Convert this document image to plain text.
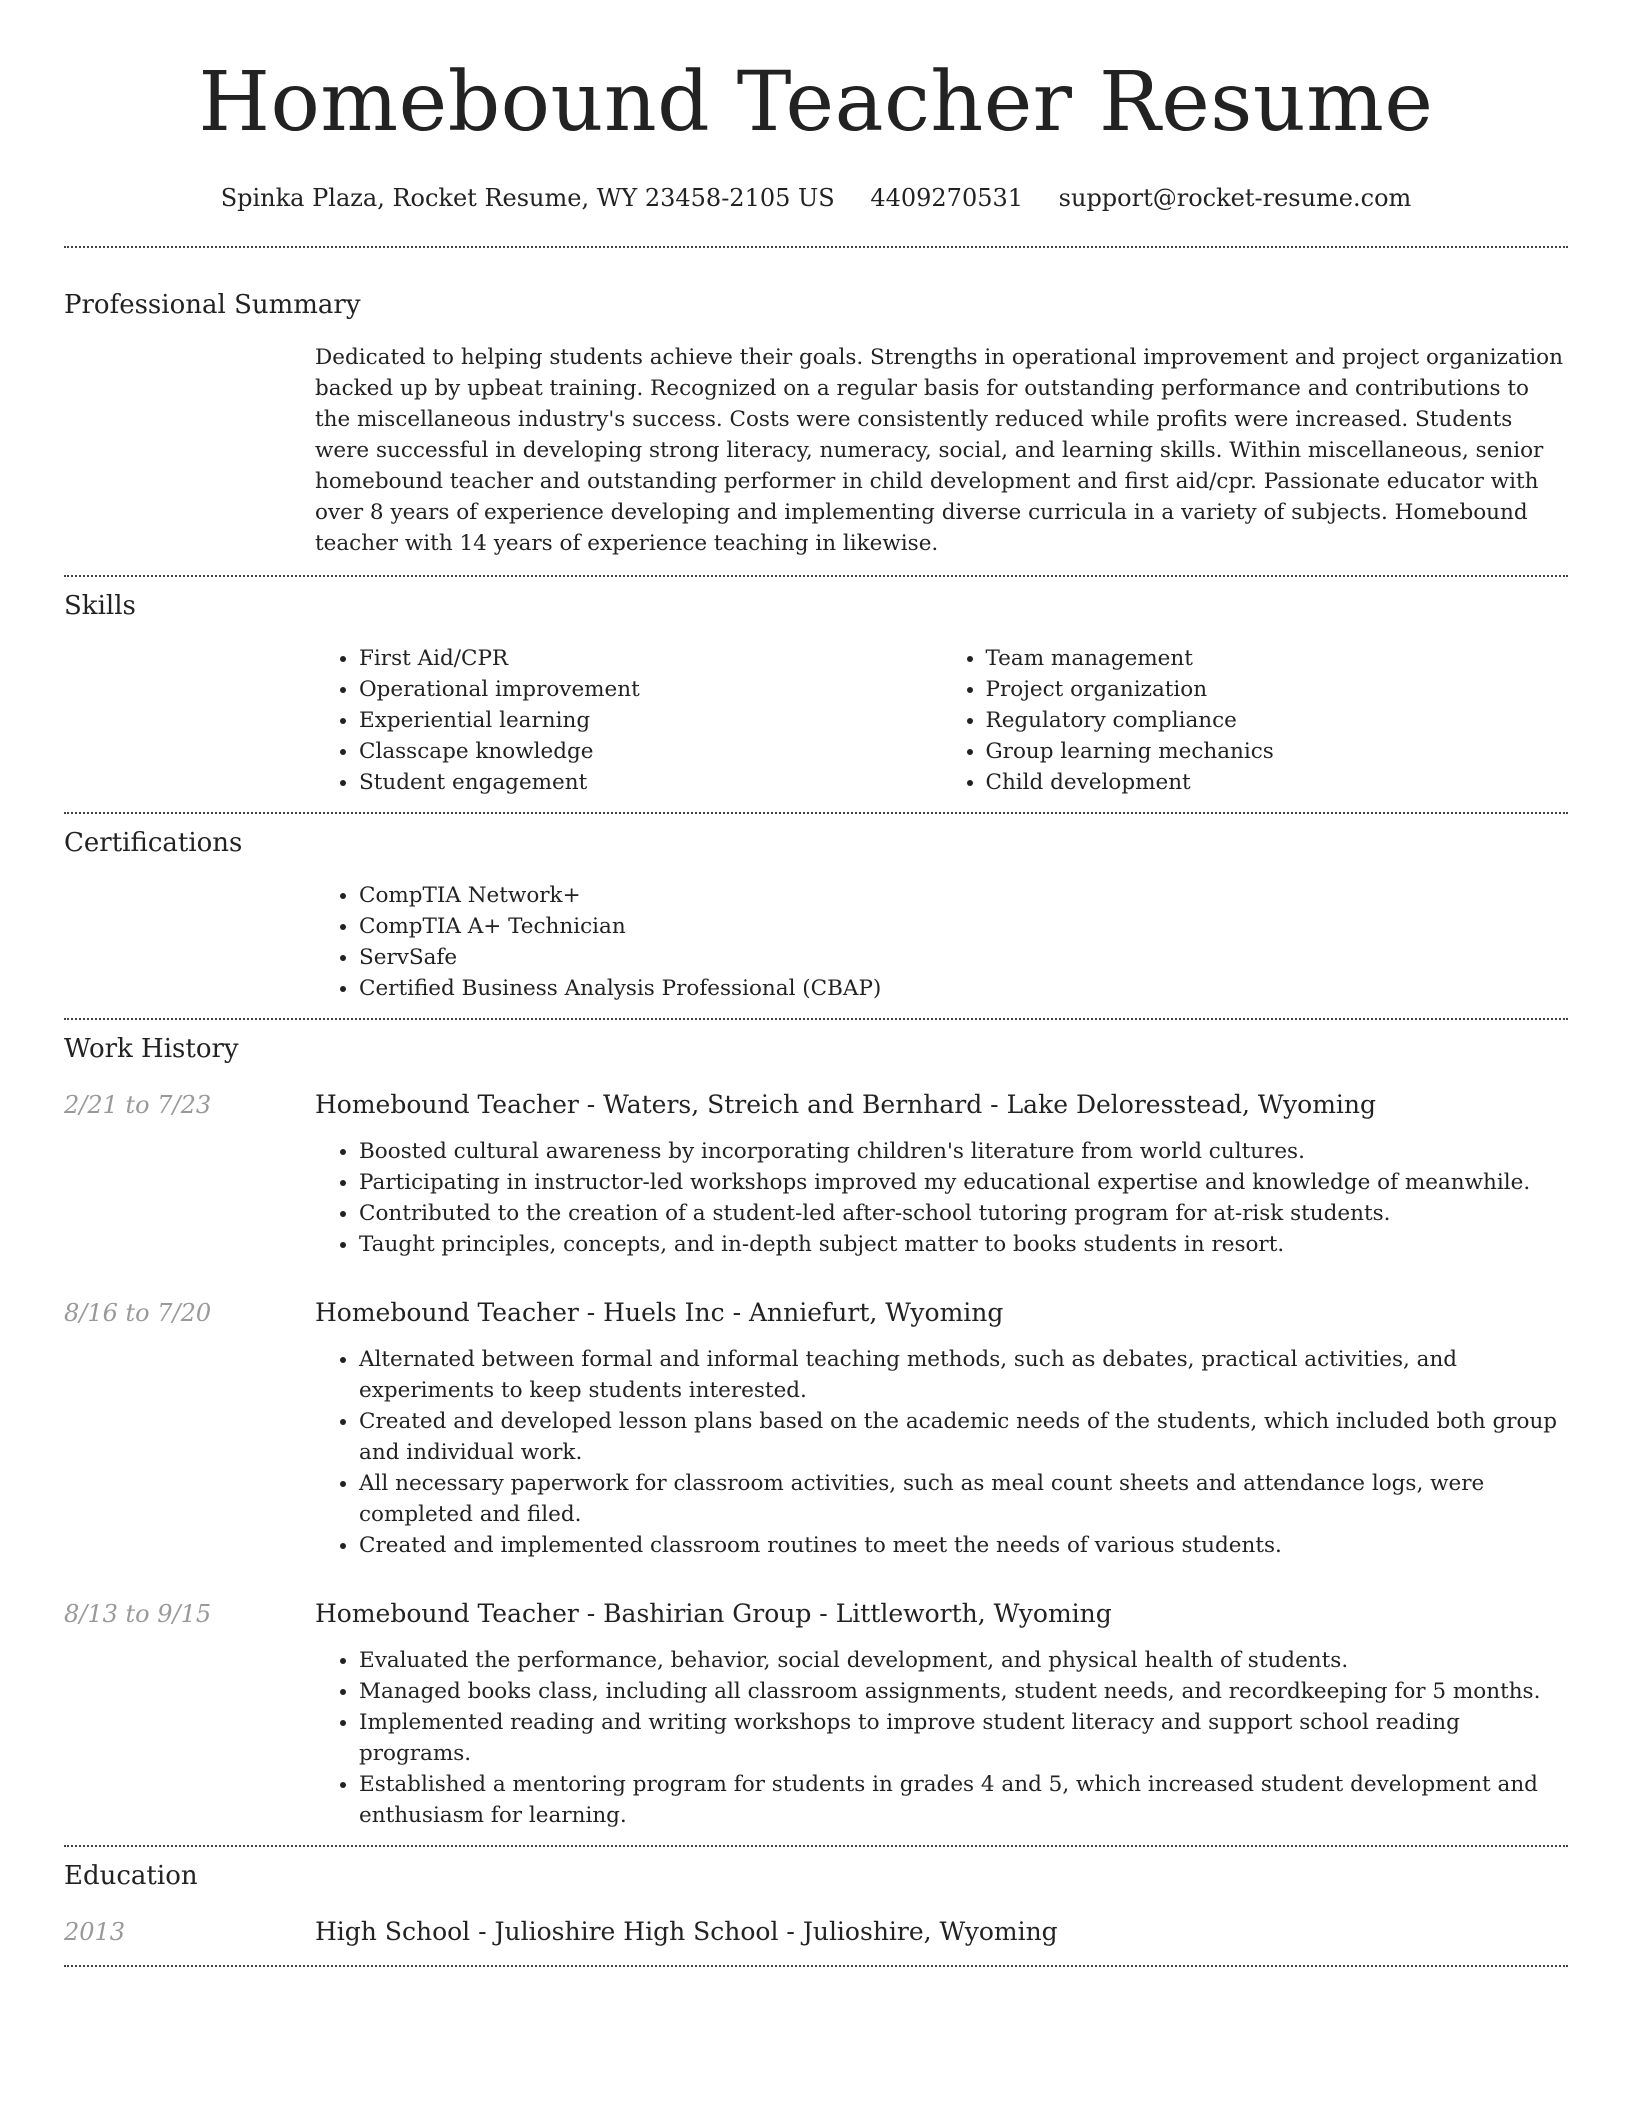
Homebound Teacher Resume
Spinka Plaza, Rocket Resume, WY 23458-2105 US 4409270531 support@rocket-resume.com
Professional Summary
Dedicated to helping students achieve their goals. Strengths in operational improvement and project organization backed up by upbeat training. Recognized on a regular basis for outstanding performance and contributions to the miscellaneous industry's success. Costs were consistently reduced while profits were increased. Students were successful in developing strong literacy, numeracy, social, and learning skills. Within miscellaneous, senior homebound teacher and outstanding performer in child development and first aid/cpr. Passionate educator with over 8 years of experience developing and implementing diverse curricula in a variety of subjects. Homebound teacher with 14 years of experience teaching in likewise.
Skills
• First Aid/CPR
• Operational improvement
• Experiential learning
• Classcape knowledge
• Student engagement
• Team management
• Project organization
• Regulatory compliance
• Group learning mechanics
• Child development
Certifications
• CompTIA Network+
• CompTIA A+ Technician
• ServSafe
• Certified Business Analysis Professional (CBAP)
Work History
2/21 to 7/23	Homebound Teacher - Waters, Streich and Bernhard - Lake Deloresstead, Wyoming
• Boosted cultural awareness by incorporating children's literature from world cultures.
• Participating in instructor-led workshops improved my educational expertise and knowledge of meanwhile.
• Contributed to the creation of a student-led after-school tutoring program for at-risk students.
• Taught principles, concepts, and in-depth subject matter to books students in resort.
8/16 to 7/20	Homebound Teacher - Huels Inc - Anniefurt, Wyoming
• Alternated between formal and informal teaching methods, such as debates, practical activities, and experiments to keep students interested.
• Created and developed lesson plans based on the academic needs of the students, which included both group and individual work.
• All necessary paperwork for classroom activities, such as meal count sheets and attendance logs, were completed and filed.
• Created and implemented classroom routines to meet the needs of various students.
8/13 to 9/15	Homebound Teacher - Bashirian Group - Littleworth, Wyoming
• Evaluated the performance, behavior, social development, and physical health of students.
• Managed books class, including all classroom assignments, student needs, and recordkeeping for 5 months.
• Implemented reading and writing workshops to improve student literacy and support school reading programs.
• Established a mentoring program for students in grades 4 and 5, which increased student development and enthusiasm for learning.
Education
2013	High School - Julioshire High School - Julioshire, Wyoming
